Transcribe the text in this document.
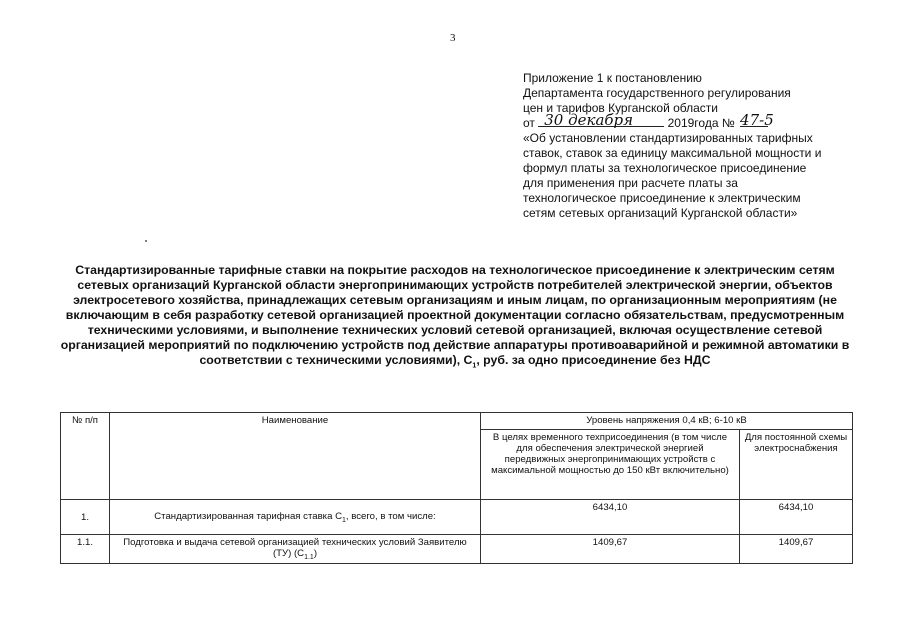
3
Приложение 1 к постановлению
Департамента государственного регулирования
цен и тарифов Курганской области
от 30 декабря	2019года № 47-5
«Об установлении стандартизированных тарифных
ставок, ставок за единицу максимальной мощности и
формул платы за технологическое присоединение
для применения при расчете платы за
технологическое присоединение к электрическим
сетям сетевых организаций Курганской области»
Стандартизированные тарифные ставки на покрытие расходов на технологическое присоединение к электрическим сетям сетевых организаций Курганской области энергопринимающих устройств потребителей электрической энергии, объектов электросетевого хозяйства, принадлежащих сетевым организациям и иным лицам, по организационным мероприятиям (не включающим в себя разработку сетевой организацией проектной документации согласно обязательствам, предусмотренным техническими условиями, и выполнение технических условий сетевой организацией, включая осуществление сетевой организацией мероприятий по подключению устройств под действие аппаратуры противоаварийной и режимной автоматики в соответствии с техническими условиями), $С_1$, руб. за одно присоединение без НДС
№ п/п	Наименование	Уровень напряжения 0,4 кВ; 6-10 кВ	
		В целях временного техприсоединения (в том числе для обеспечения электрической энергией передвижных энергопринимающих устройств с максимальной мощностью до 150 кВт включительно)	Для постоянной схемы электроснабжения
1.	Стандартизированная тарифная ставка $С_1$, всего, в том числе:	6434,10	6434,10
1.1.	Подготовка и выдача сетевой организацией технических условий Заявителю (ТУ) $(С_{1.1})$	1409,67	1409,67
